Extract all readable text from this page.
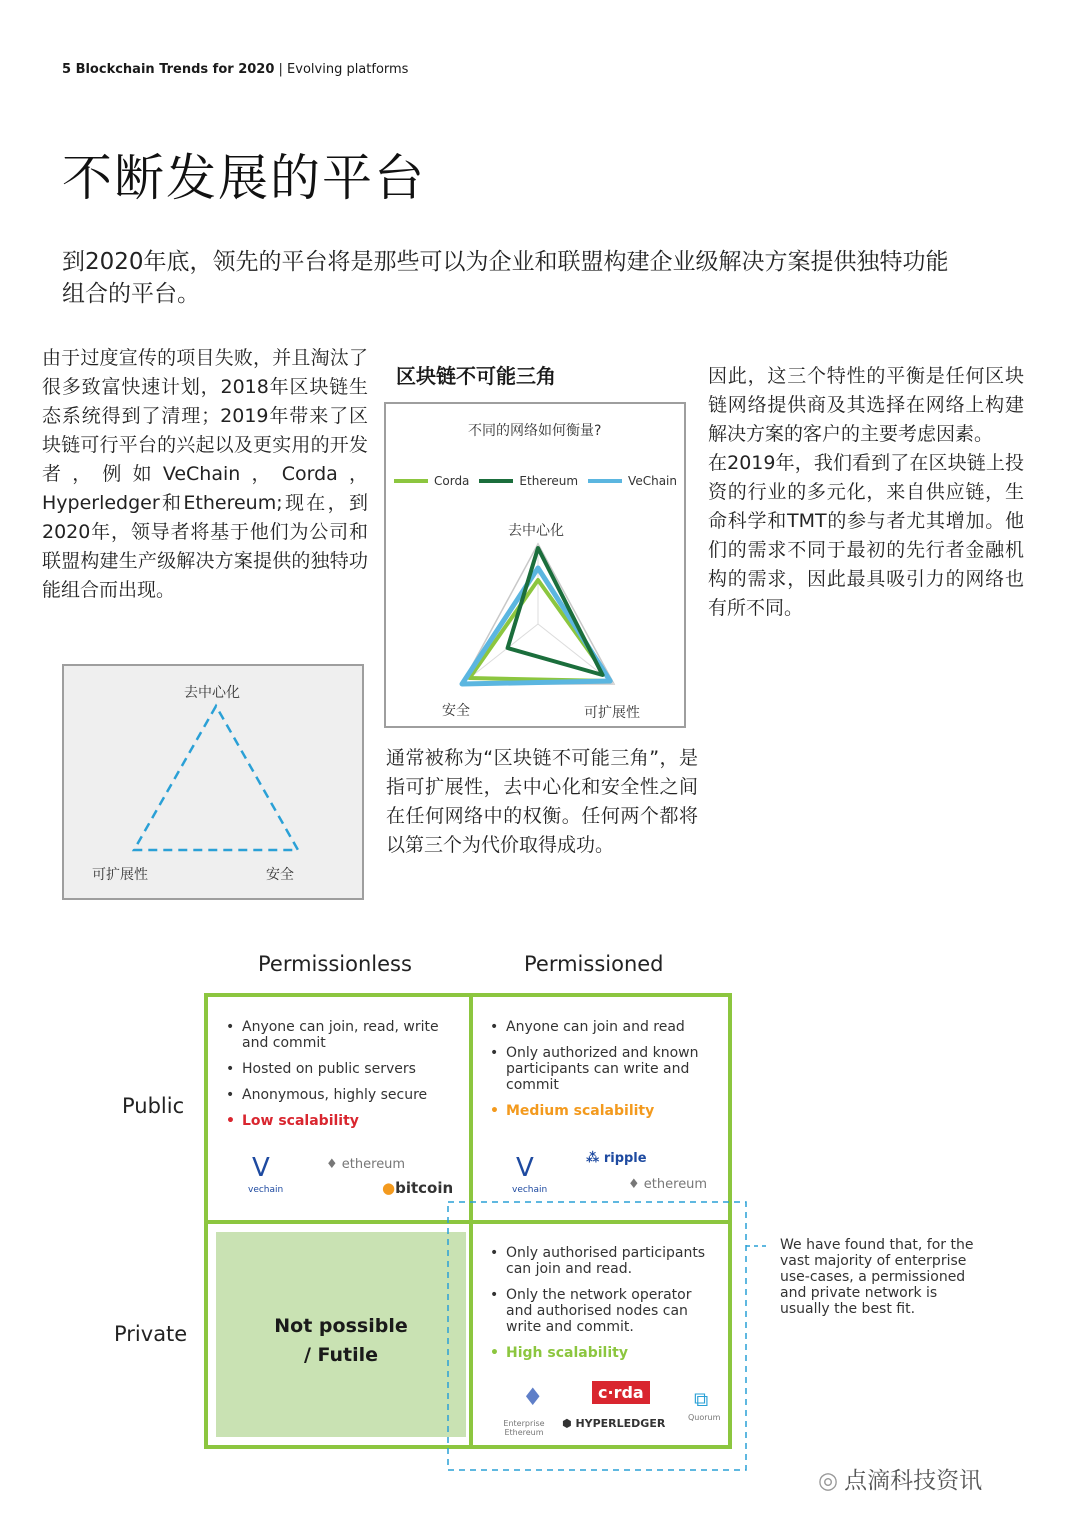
5 Blockchain Trends for 2020 | Evolving platforms
不断发展的平台
到2020年底，领先的平台将是那些可以为企业和联盟构建企业级解决方案提供独特功能组合的平台。
由于过度宣传的项目失败，并且淘汰了很多致富快速计划，2018年区块链生态系统得到了清理；2019年带来了区块链可行平台的兴起以及更实用的开发者，例如VeChain，Corda，Hyperledger和Ethereum;现在，到2020年，领导者将基于他们为公司和联盟构建生产级解决方案提供的独特功能组合而出现。
区块链不可能三角
不同的网络如何衡量?
Corda	Ethereum	VeChain
去中心化
安全	可扩展性
通常被称为“区块链不可能三角”，是指可扩展性，去中心化和安全性之间在任何网络中的权衡。任何两个都将以第三个为代价取得成功。
去中心化
可扩展性	安全
因此，这三个特性的平衡是任何区块链网络提供商及其选择在网络上构建解决方案的客户的主要考虑因素。
在2019年，我们看到了在区块链上投资的行业的多元化，来自供应链，生命科学和TMT的参与者尤其增加。他们的需求不同于最初的先行者金融机构的需求，因此最具吸引力的网络也有所不同。
Permissionless	Permissioned
Public
Private
• Anyone can join, read, write and commit
• Hosted on public servers
• Anonymous, highly secure
• Low scalability
V
vechain
♦ ethereum
●bitcoin
• Anyone can join and read
• Only authorized and known participants can write and commit
• Medium scalability
V
vechain
⁂ ripple
♦ ethereum
Not possible
/ Futile
• Only authorised participants can join and read.
• Only the network operator and authorised nodes can write and commit.
• High scalability
♦
Enterprise Ethereum
c·rda
⬢ HYPERLEDGER
⧉
Quorum
We have found that, for the vast majority of enterprise use-cases, a permissioned and private network is usually the best fit.
◎ 点滴科技资讯
